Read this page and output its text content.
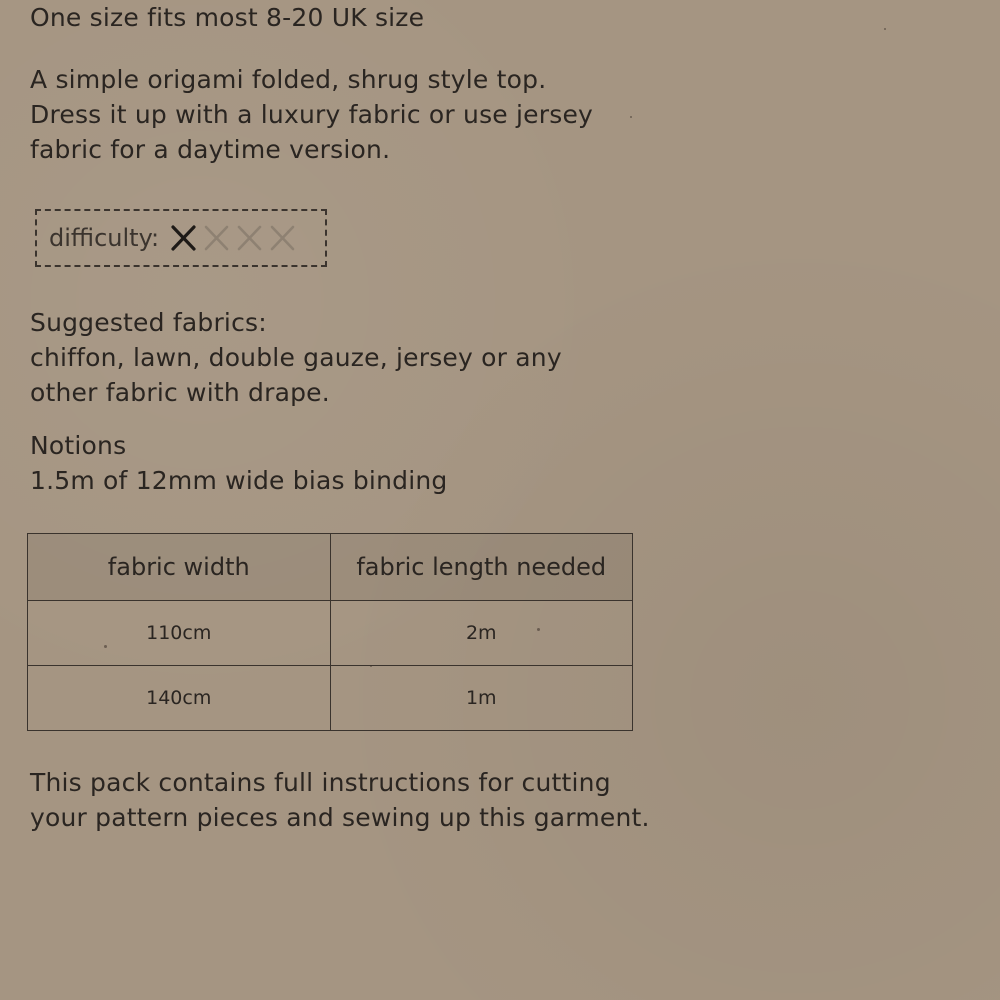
One size fits most 8-20 UK size
A simple origami folded, shrug style top.
Dress it up with a luxury fabric or use jersey
fabric for a daytime version.
difficulty:
Suggested fabrics:
chiffon, lawn, double gauze, jersey or any
other fabric with drape.
Notions
1.5m of 12mm wide bias binding
fabric width	fabric length needed
110cm	2m
140cm	1m
This pack contains full instructions for cutting
your pattern pieces and sewing up this garment.
